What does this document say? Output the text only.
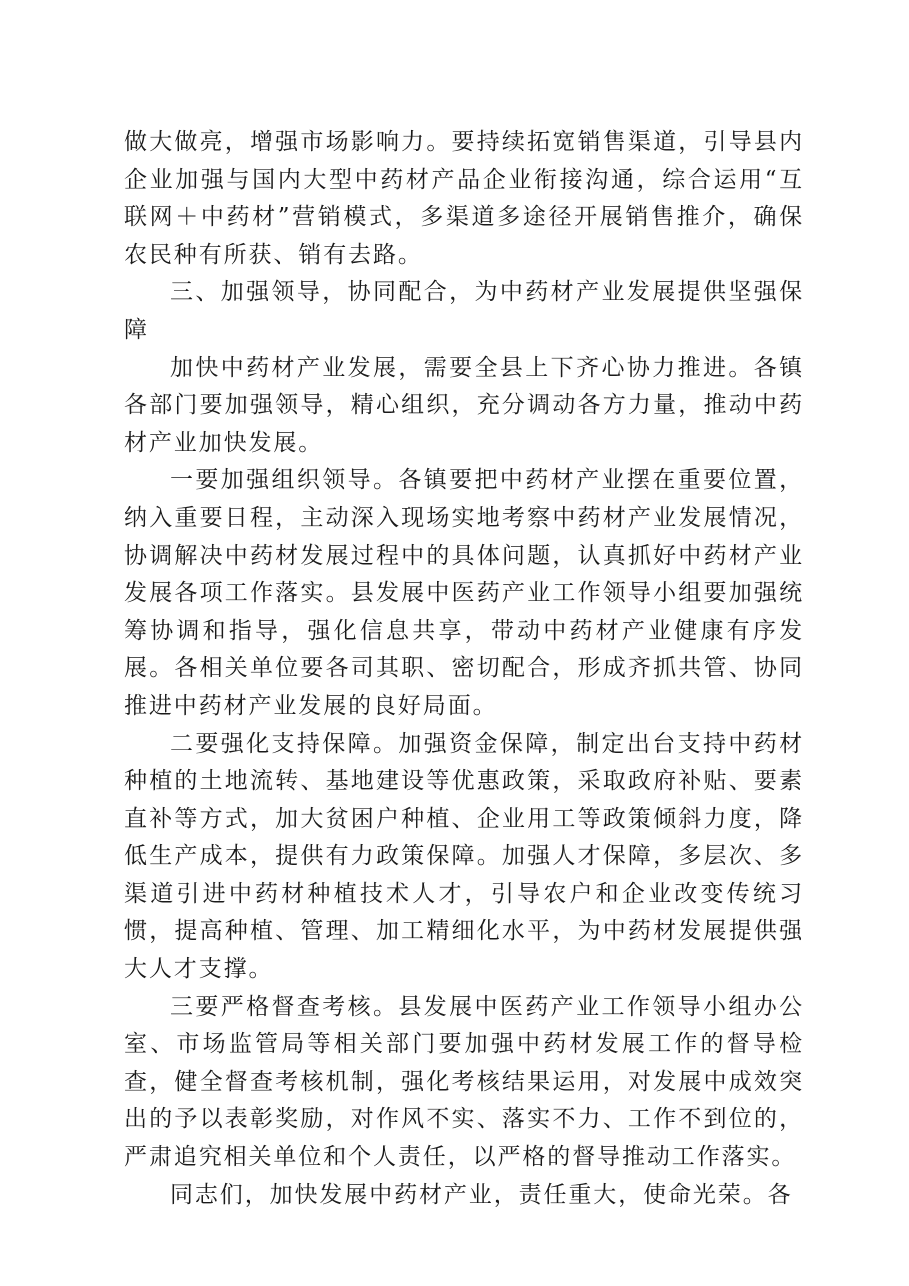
做大做亮，增强市场影响力。要持续拓宽销售渠道，引导县内企业加强与国内大型中药材产品企业衔接沟通，综合运用“互联网＋中药材”营销模式，多渠道多途径开展销售推介，确保农民种有所获、销有去路。

三、加强领导，协同配合，为中药材产业发展提供坚强保障

加快中药材产业发展，需要全县上下齐心协力推进。各镇各部门要加强领导，精心组织，充分调动各方力量，推动中药材产业加快发展。

一要加强组织领导。各镇要把中药材产业摆在重要位置，纳入重要日程，主动深入现场实地考察中药材产业发展情况，协调解决中药材发展过程中的具体问题，认真抓好中药材产业发展各项工作落实。县发展中医药产业工作领导小组要加强统筹协调和指导，强化信息共享，带动中药材产业健康有序发展。各相关单位要各司其职、密切配合，形成齐抓共管、协同推进中药材产业发展的良好局面。

二要强化支持保障。加强资金保障，制定出台支持中药材种植的土地流转、基地建设等优惠政策，采取政府补贴、要素直补等方式，加大贫困户种植、企业用工等政策倾斜力度，降低生产成本，提供有力政策保障。加强人才保障，多层次、多渠道引进中药材种植技术人才，引导农户和企业改变传统习惯，提高种植、管理、加工精细化水平，为中药材发展提供强大人才支撑。

三要严格督查考核。县发展中医药产业工作领导小组办公室、市场监管局等相关部门要加强中药材发展工作的督导检查，健全督查考核机制，强化考核结果运用，对发展中成效突出的予以表彰奖励，对作风不实、落实不力、工作不到位的，严肃追究相关单位和个人责任，以严格的督导推动工作落实。

同志们，加快发展中药材产业，责任重大，使命光荣。各
